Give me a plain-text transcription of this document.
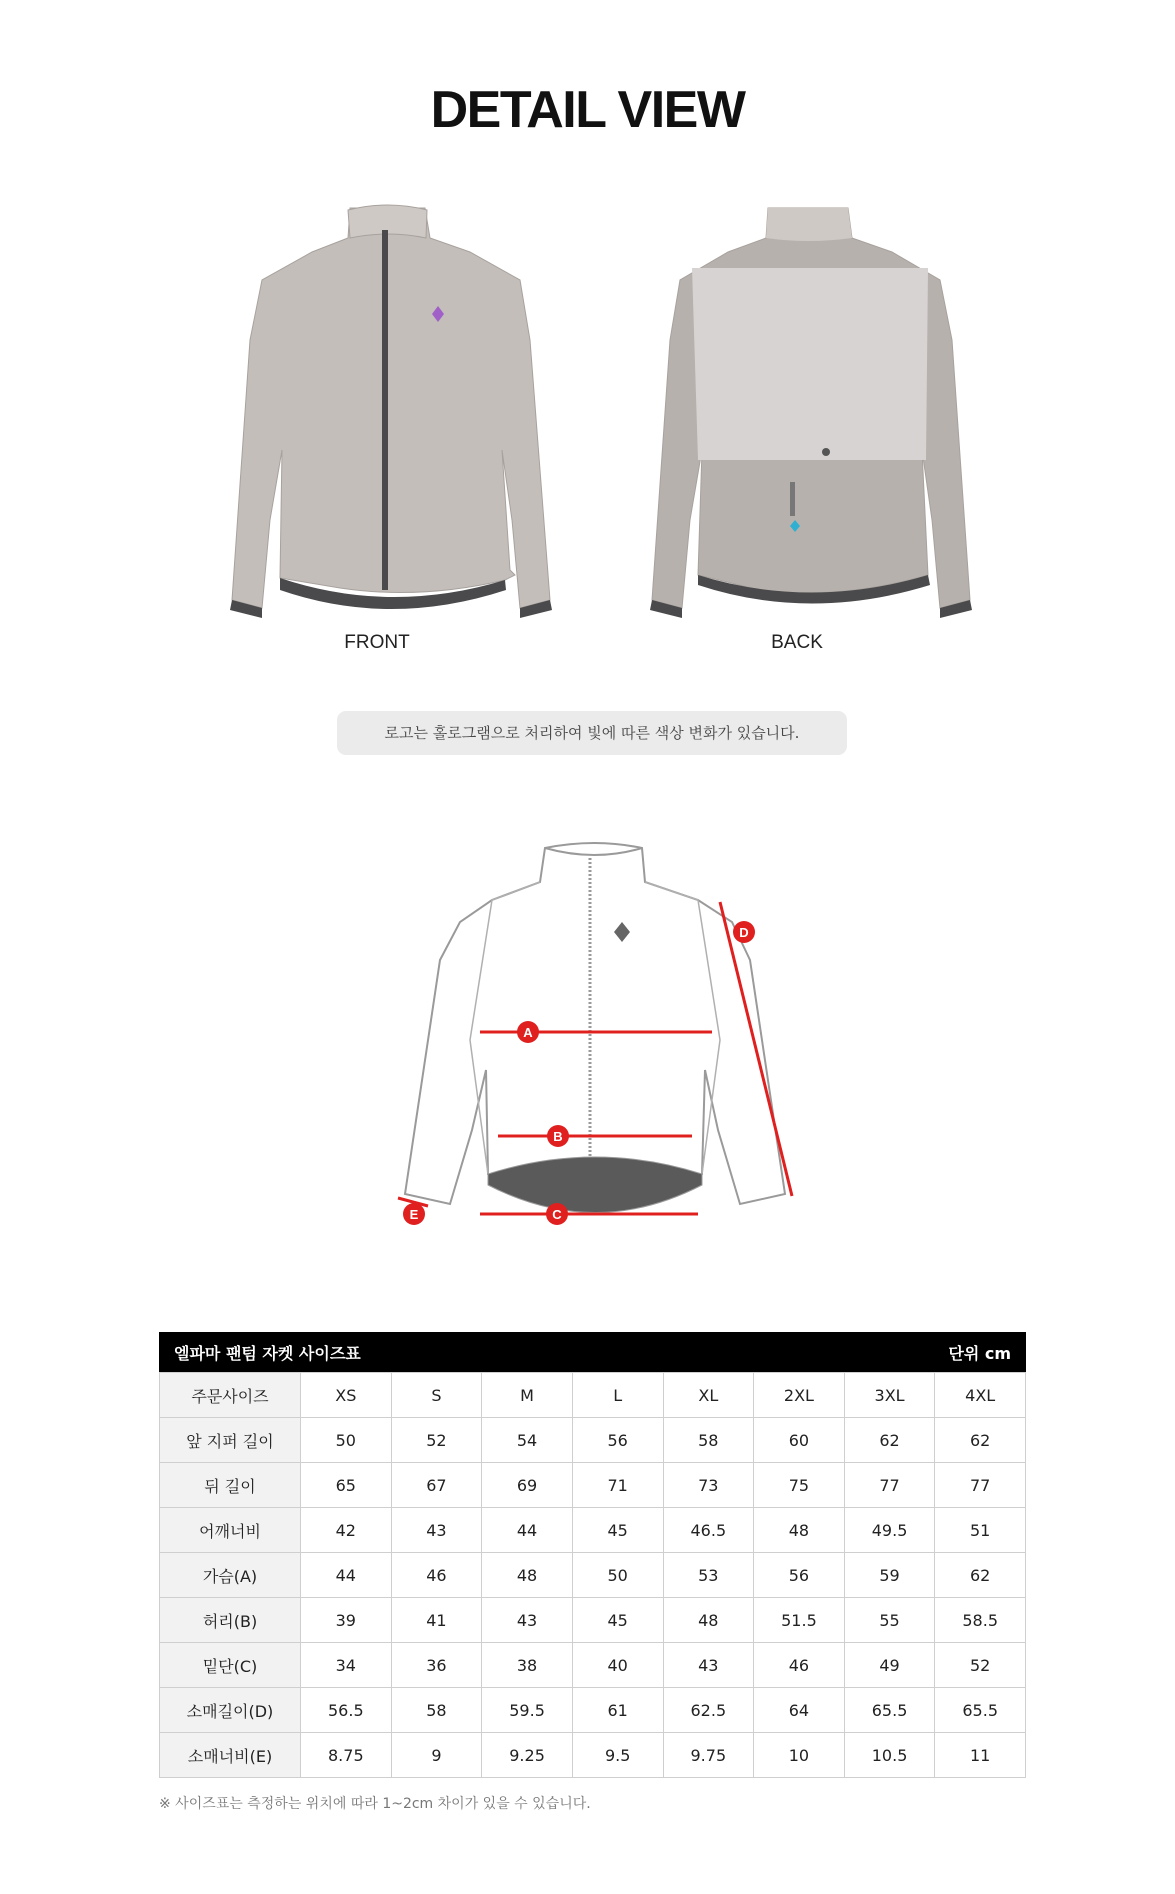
DETAIL VIEW
FRONT	BACK
로고는 홀로그램으로 처리하여 빛에 따른 색상 변화가 있습니다.
A
B
C
D
E
엘파마 팬텀 자켓 사이즈표	단위 cm
주문사이즈	XS	S	M	L	XL	2XL	3XL	4XL
앞 지퍼 길이	50	52	54	56	58	60	62	62
뒤 길이	65	67	69	71	73	75	77	77
어깨너비	42	43	44	45	46.5	48	49.5	51
가슴(A)	44	46	48	50	53	56	59	62
허리(B)	39	41	43	45	48	51.5	55	58.5
밑단(C)	34	36	38	40	43	46	49	52
소매길이(D)	56.5	58	59.5	61	62.5	64	65.5	65.5
소매너비(E)	8.75	9	9.25	9.5	9.75	10	10.5	11
※ 사이즈표는 측정하는 위치에 따라 1~2cm 차이가 있을 수 있습니다.
